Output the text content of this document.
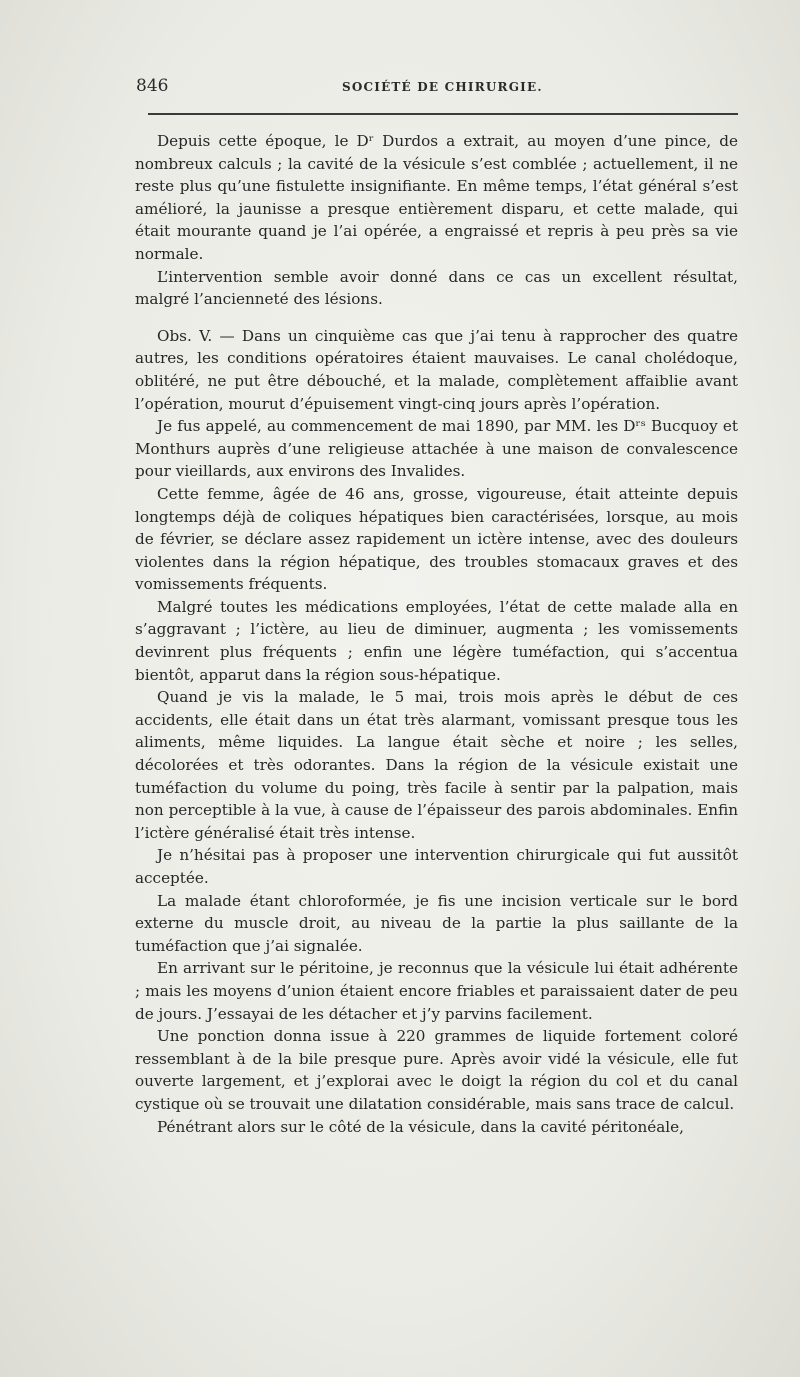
846	SOCIÉTÉ DE CHIRURGIE.

Depuis cette époque, le Dʳ Durdos a extrait, au moyen d’une pince, de nombreux calculs ; la cavité de la vésicule s’est comblée ; actuellement, il ne reste plus qu’une fistulette insignifiante. En même temps, l’état général s’est amélioré, la jaunisse a presque entièrement disparu, et cette malade, qui était mourante quand je l’ai opérée, a engraissé et repris à peu près sa vie normale.

L’intervention semble avoir donné dans ce cas un excellent résultat, malgré l’ancienneté des lésions.

Obs. V. — Dans un cinquième cas que j’ai tenu à rapprocher des quatre autres, les conditions opératoires étaient mauvaises. Le canal cholédoque, oblitéré, ne put être débouché, et la malade, complètement affaiblie avant l’opération, mourut d’épuisement vingt-cinq jours après l’opération.

Je fus appelé, au commencement de mai 1890, par MM. les Dʳˢ Bucquoy et Monthurs auprès d’une religieuse attachée à une maison de convalescence pour vieillards, aux environs des Invalides.

Cette femme, âgée de 46 ans, grosse, vigoureuse, était atteinte depuis longtemps déjà de coliques hépatiques bien caractérisées, lorsque, au mois de février, se déclare assez rapidement un ictère intense, avec des douleurs violentes dans la région hépatique, des troubles stomacaux graves et des vomissements fréquents.

Malgré toutes les médications employées, l’état de cette malade alla en s’aggravant ; l’ictère, au lieu de diminuer, augmenta ; les vomissements devinrent plus fréquents ; enfin une légère tuméfaction, qui s’accentua bientôt, apparut dans la région sous-hépatique.

Quand je vis la malade, le 5 mai, trois mois après le début de ces accidents, elle était dans un état très alarmant, vomissant presque tous les aliments, même liquides. La langue était sèche et noire ; les selles, décolorées et très odorantes. Dans la région de la vésicule existait une tuméfaction du volume du poing, très facile à sentir par la palpation, mais non perceptible à la vue, à cause de l’épaisseur des parois abdominales. Enfin l’ictère généralisé était très intense.

Je n’hésitai pas à proposer une intervention chirurgicale qui fut aussitôt acceptée.

La malade étant chloroformée, je fis une incision verticale sur le bord externe du muscle droit, au niveau de la partie la plus saillante de la tuméfaction que j’ai signalée.

En arrivant sur le péritoine, je reconnus que la vésicule lui était adhérente ; mais les moyens d’union étaient encore friables et paraissaient dater de peu de jours. J’essayai de les détacher et j’y parvins facilement.

Une ponction donna issue à 220 grammes de liquide fortement coloré ressemblant à de la bile presque pure. Après avoir vidé la vésicule, elle fut ouverte largement, et j’explorai avec le doigt la région du col et du canal cystique où se trouvait une dilatation considérable, mais sans trace de calcul.

Pénétrant alors sur le côté de la vésicule, dans la cavité péritonéale,
